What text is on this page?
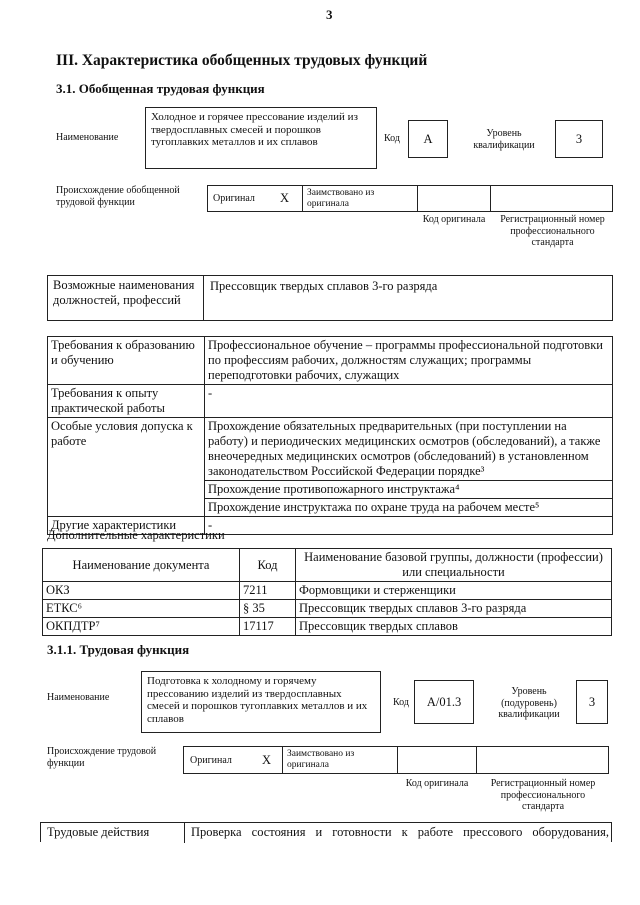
3
III. Характеристика обобщенных трудовых функций
3.1. Обобщенная трудовая функция
Наименование
Холодное и горячее прессование изделий из твердосплавных смесей и порошков тугоплавких металлов и их сплавов	Код	А	Уровень квалификации	3
Происхождение обобщенной трудовой функции	Оригинал X Заимствовано из оригинала
Код оригинала	Регистрационный номер профессионального стандарта
Возможные наименования должностей, профессий
Прессовщик твердых сплавов 3-го разряда
Требования к образованию и обучению	Профессиональное обучение – программы профессиональной подготовки по профессиям рабочих, должностям служащих; программы переподготовки рабочих, служащих
Требования к опыту практической работы	-
Особые условия допуска к работе	Прохождение обязательных предварительных (при поступлении на работу) и периодических медицинских осмотров (обследований), а также внеочередных медицинских осмотров (обследований) в установленном законодательством Российской Федерации порядке³
	Прохождение противопожарного инструктажа⁴
	Прохождение инструктажа по охране труда на рабочем месте⁵
Другие характеристики	-
Дополнительные характеристики
Наименование документа	Код	Наименование базовой группы, должности (профессии) или специальности
ОКЗ	7211	Формовщики и стерженщики
ЕТКС⁶	§ 35	Прессовщик твердых сплавов 3-го разряда
ОКПДТР⁷	17117	Прессовщик твердых сплавов
3.1.1. Трудовая функция
Наименование
Подготовка к холодному и горячему прессованию изделий из твердосплавных смесей и порошков тугоплавких металлов и их сплавов
Код	А/01.3
Уровень (подуровень) квалификации
3
Происхождение трудовой функции	Оригинал X Заимствовано из оригинала
Код оригинала	Регистрационный номер профессионального стандарта
Трудовые действия	Проверка состояния и готовности к работе прессового оборудования,
